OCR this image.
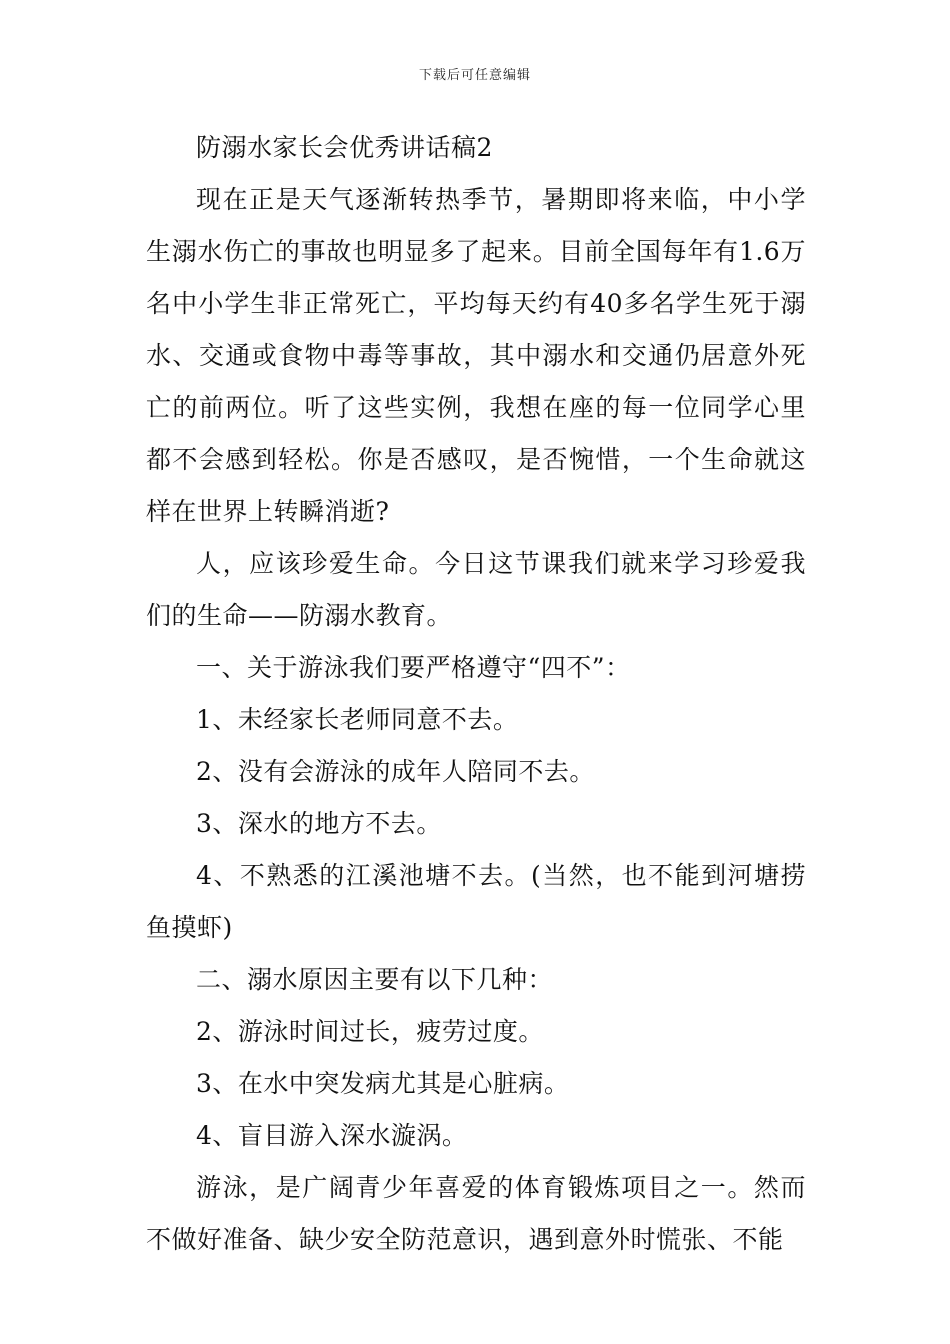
下载后可任意编辑

防溺水家长会优秀讲话稿2

现在正是天气逐渐转热季节，暑期即将来临，中小学生溺水伤亡的事故也明显多了起来。目前全国每年有1.6万名中小学生非正常死亡，平均每天约有40多名学生死于溺水、交通或食物中毒等事故，其中溺水和交通仍居意外死亡的前两位。听了这些实例，我想在座的每一位同学心里都不会感到轻松。你是否感叹，是否惋惜，一个生命就这样在世界上转瞬消逝?

人，应该珍爱生命。今日这节课我们就来学习珍爱我们的生命——防溺水教育。

一、关于游泳我们要严格遵守“四不”：

1、未经家长老师同意不去。

2、没有会游泳的成年人陪同不去。

3、深水的地方不去。

4、不熟悉的江溪池塘不去。(当然，也不能到河塘捞鱼摸虾)

二、溺水原因主要有以下几种：

2、游泳时间过长，疲劳过度。

3、在水中突发病尤其是心脏病。

4、盲目游入深水漩涡。

游泳，是广阔青少年喜爱的体育锻炼项目之一。然而不做好准备、缺少安全防范意识，遇到意外时慌张、不能
